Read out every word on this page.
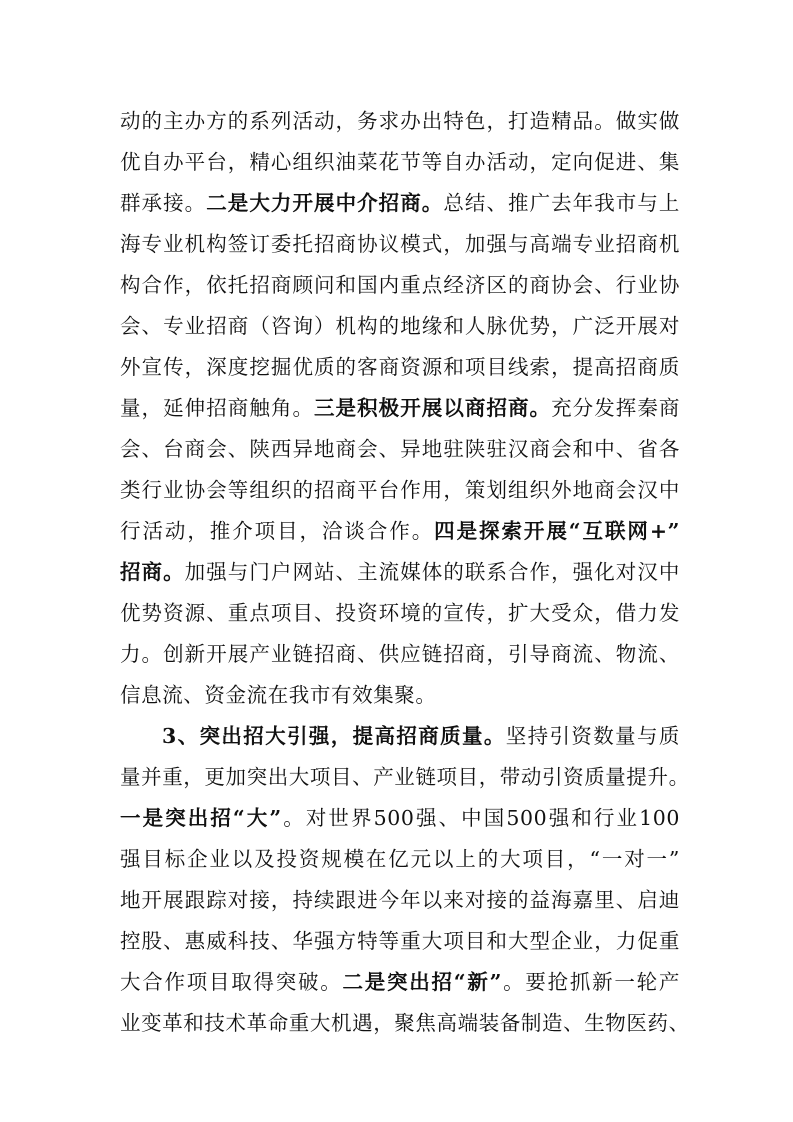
动的主办方的系列活动，务求办出特色，打造精品。做实做
优自办平台，精心组织油菜花节等自办活动，定向促进、集
群承接。二是大力开展中介招商。总结、推广去年我市与上
海专业机构签订委托招商协议模式，加强与高端专业招商机
构合作，依托招商顾问和国内重点经济区的商协会、行业协
会、专业招商（咨询）机构的地缘和人脉优势，广泛开展对
外宣传，深度挖掘优质的客商资源和项目线索，提高招商质
量，延伸招商触角。三是积极开展以商招商。充分发挥秦商
会、台商会、陕西异地商会、异地驻陕驻汉商会和中、省各
类行业协会等组织的招商平台作用，策划组织外地商会汉中
行活动，推介项目，洽谈合作。四是探索开展“互联网+”
招商。加强与门户网站、主流媒体的联系合作，强化对汉中
优势资源、重点项目、投资环境的宣传，扩大受众，借力发
力。创新开展产业链招商、供应链招商，引导商流、物流、
信息流、资金流在我市有效集聚。
3、突出招大引强，提高招商质量。坚持引资数量与质
量并重，更加突出大项目、产业链项目，带动引资质量提升。
一是突出招“大”。对世界500强、中国500强和行业100
强目标企业以及投资规模在亿元以上的大项目，“一对一”
地开展跟踪对接，持续跟进今年以来对接的益海嘉里、启迪
控股、惠威科技、华强方特等重大项目和大型企业，力促重
大合作项目取得突破。二是突出招“新”。要抢抓新一轮产
业变革和技术革命重大机遇，聚焦高端装备制造、生物医药、
